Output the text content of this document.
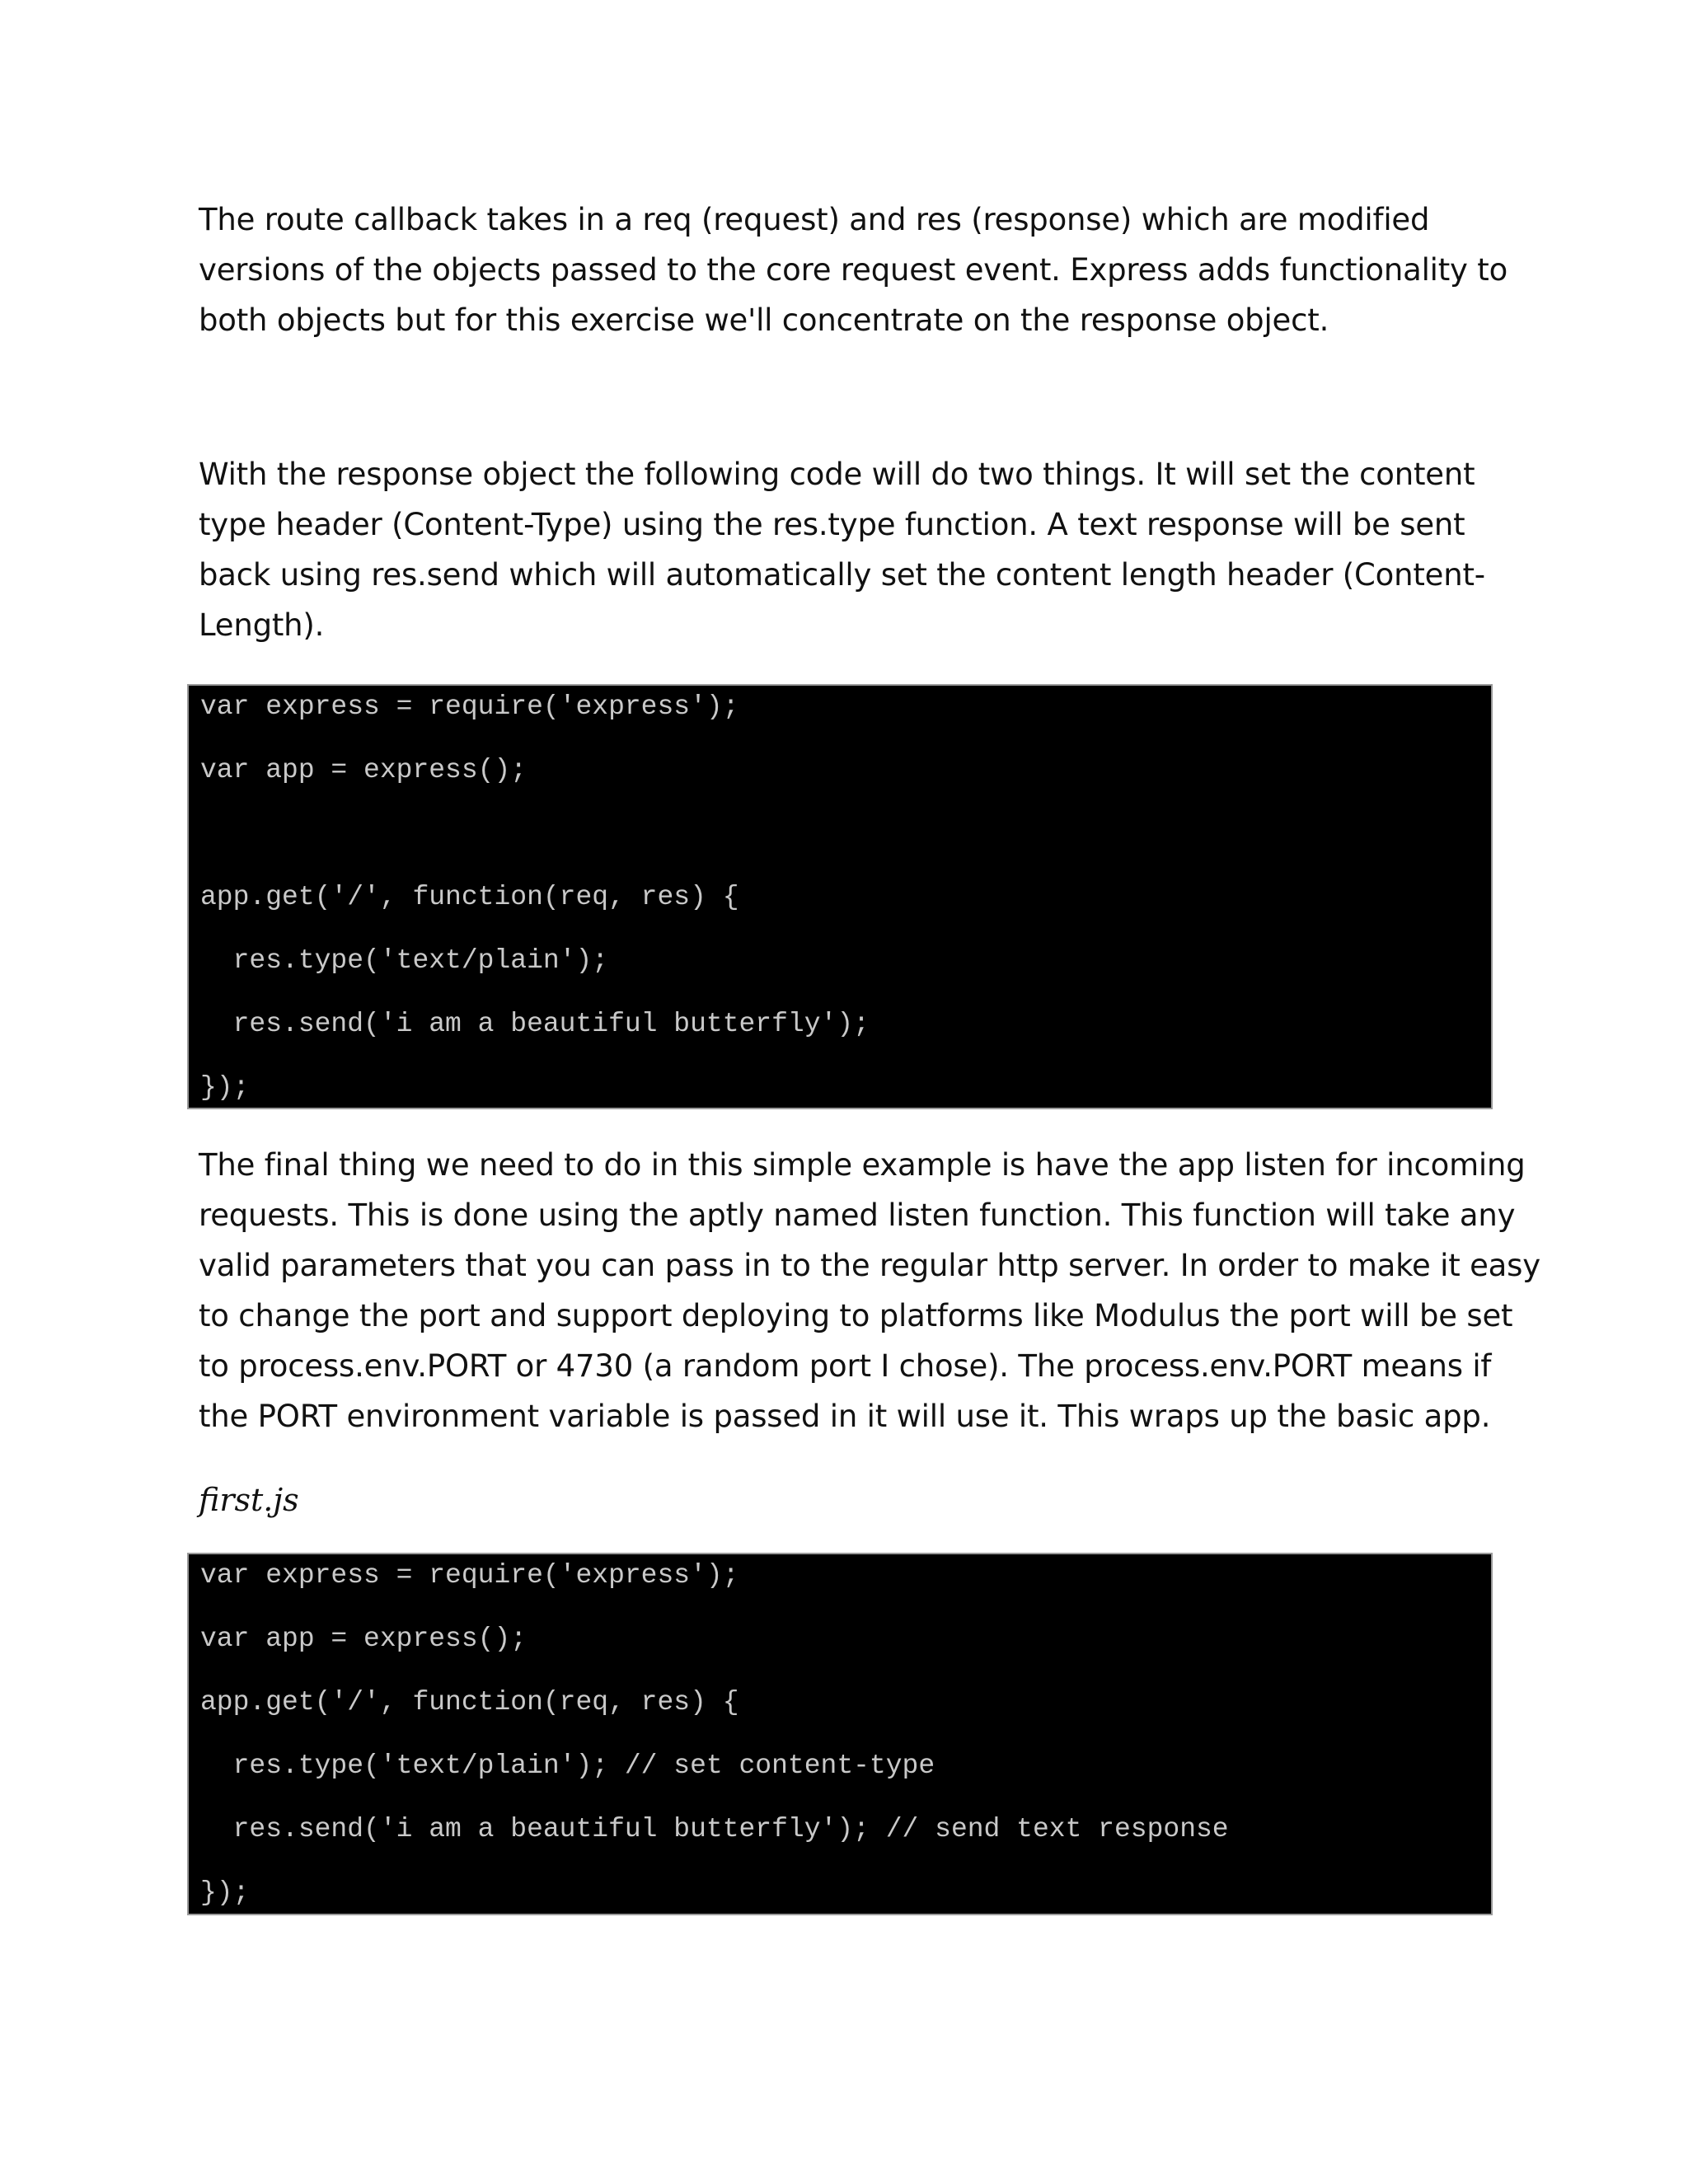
The route callback takes in a req (request) and res (response) which are modified
versions of the objects passed to the core request event. Express adds functionality to
both objects but for this exercise we'll concentrate on the response object.

With the response object the following code will do two things. It will set the content
type header (Content-Type) using the res.type function. A text response will be sent
back using res.send which will automatically set the content length header (Content-
Length).

var express = require('express');
var app = express();
app.get('/', function(req, res) {
res.type('text/plain');
res.send('i am a beautiful butterfly');
});

The final thing we need to do in this simple example is have the app listen for incoming
requests. This is done using the aptly named listen function. This function will take any
valid parameters that you can pass in to the regular http server. In order to make it easy
to change the port and support deploying to platforms like Modulus the port will be set
to process.env.PORT or 4730 (a random port I chose). The process.env.PORT means if
the PORT environment variable is passed in it will use it. This wraps up the basic app.

first.js

var express = require('express');
var app = express();
app.get('/', function(req, res) {
res.type('text/plain'); // set content-type
res.send('i am a beautiful butterfly'); // send text response
});
